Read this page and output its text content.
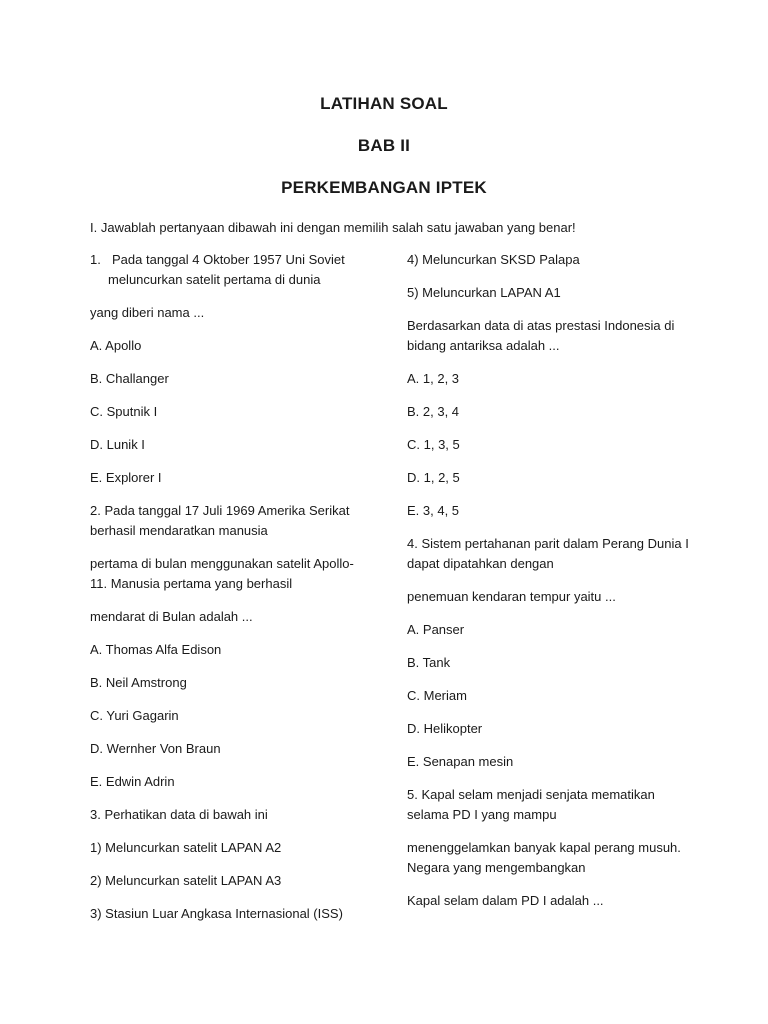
LATIHAN SOAL
BAB II
PERKEMBANGAN IPTEK
I. Jawablah pertanyaan dibawah ini dengan memilih salah satu jawaban yang benar!
1. Pada tanggal 4 Oktober 1957 Uni Soviet meluncurkan satelit pertama di dunia
yang diberi nama ...
A. Apollo
B. Challanger
C. Sputnik I
D. Lunik I
E. Explorer I
2. Pada tanggal 17 Juli 1969 Amerika Serikat berhasil mendaratkan manusia
pertama di bulan menggunakan satelit Apollo-11. Manusia pertama yang berhasil
mendarat di Bulan adalah ...
A. Thomas Alfa Edison
B. Neil Amstrong
C. Yuri Gagarin
D. Wernher Von Braun
E. Edwin Adrin
3. Perhatikan data di bawah ini
1) Meluncurkan satelit LAPAN A2
2) Meluncurkan satelit LAPAN A3
3) Stasiun Luar Angkasa Internasional (ISS)
4) Meluncurkan SKSD Palapa
5) Meluncurkan LAPAN A1
Berdasarkan data di atas prestasi Indonesia di bidang antariksa adalah ...
A. 1, 2, 3
B. 2, 3, 4
C. 1, 3, 5
D. 1, 2, 5
E. 3, 4, 5
4. Sistem pertahanan parit dalam Perang Dunia I dapat dipatahkan dengan
penemuan kendaran tempur yaitu ...
A. Panser
B. Tank
C. Meriam
D. Helikopter
E. Senapan mesin
5. Kapal selam menjadi senjata mematikan selama PD I yang mampu
menenggelamkan banyak kapal perang musuh. Negara yang mengembangkan
Kapal selam dalam PD I adalah ...
